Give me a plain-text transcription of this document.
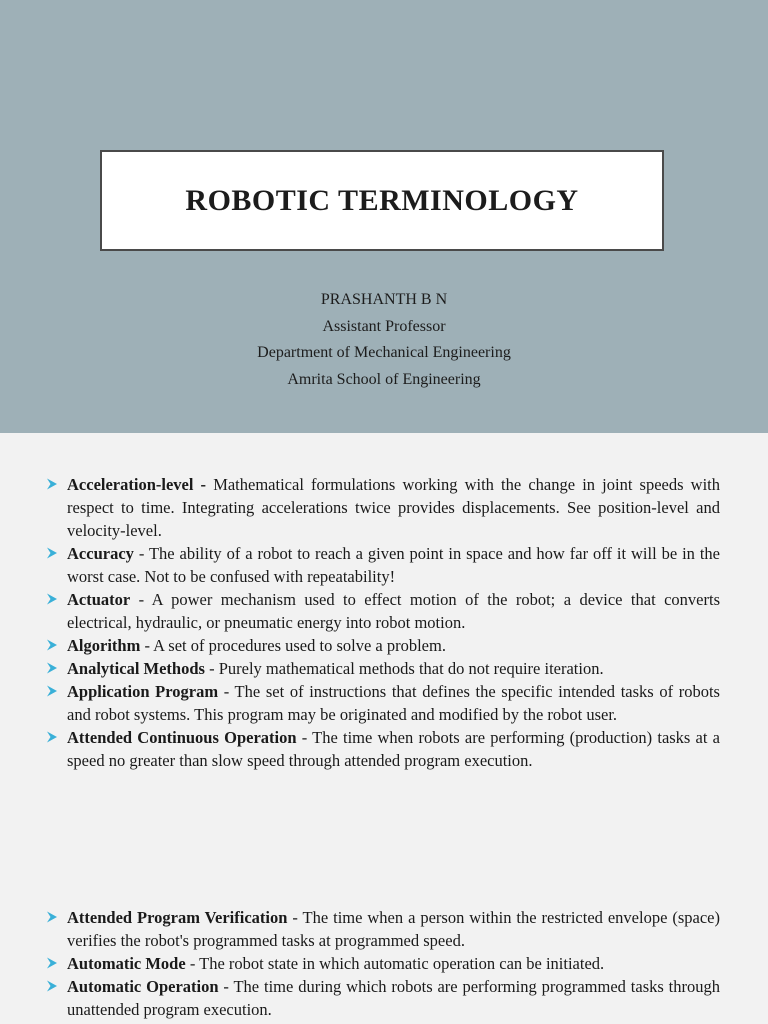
ROBOTIC TERMINOLOGY
PRASHANTH B N
Assistant Professor
Department of Mechanical Engineering
Amrita School of Engineering
Acceleration-level - Mathematical formulations working with the change in joint speeds with respect to time. Integrating accelerations twice provides displacements. See position-level and velocity-level.
Accuracy - The ability of a robot to reach a given point in space and how far off it will be in the worst case. Not to be confused with repeatability!
Actuator - A power mechanism used to effect motion of the robot; a device that converts electrical, hydraulic, or pneumatic energy into robot motion.
Algorithm - A set of procedures used to solve a problem.
Analytical Methods - Purely mathematical methods that do not require iteration.
Application Program - The set of instructions that defines the specific intended tasks of robots and robot systems. This program may be originated and modified by the robot user.
Attended Continuous Operation - The time when robots are performing (production) tasks at a speed no greater than slow speed through attended program execution.
Attended Program Verification - The time when a person within the restricted envelope (space) verifies the robot's programmed tasks at programmed speed.
Automatic Mode - The robot state in which automatic operation can be initiated.
Automatic Operation - The time during which robots are performing programmed tasks through unattended program execution.
